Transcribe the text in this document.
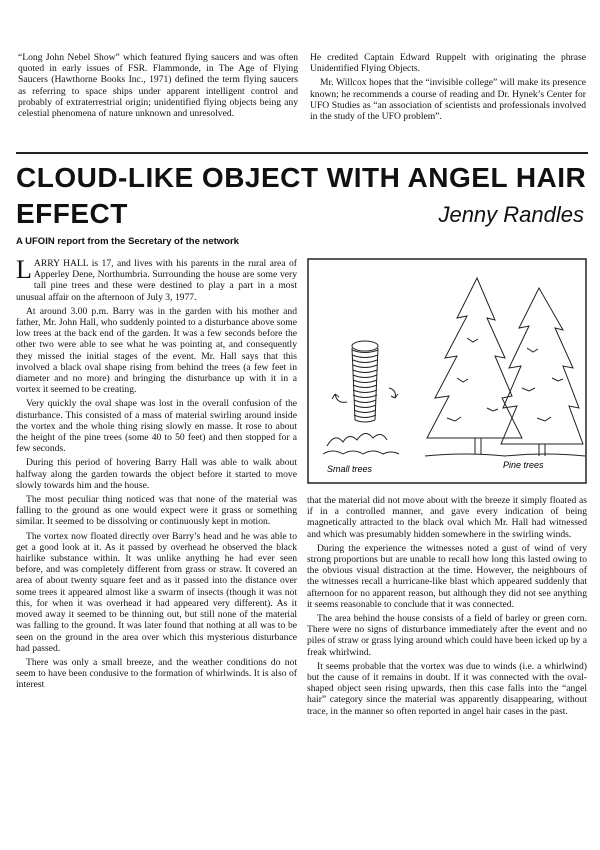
“Long John Nebel Show” which featured flying saucers and was often quoted in early issues of FSR. Flammonde, in The Age of Flying Saucers (Hawthorne Books Inc., 1971) defined the term flying saucers as referring to space ships under apparent intelligent control and probably of extraterrestrial origin; unidentified flying objects being any celestial phenomena of nature unknown and unresolved.

He credited Captain Edward Ruppelt with originating the phrase Unidentified Flying Objects.

Mr. Willcox hopes that the “invisible college” will make its presence known; he recommends a course of reading and Dr. Hynek’s Center for UFO Studies as “an association of scientists and professionals involved in the study of the UFO problem”.

CLOUD-LIKE OBJECT WITH ANGEL HAIR
EFFECT	Jenny Randles
A UFOIN report from the Secretary of the network

LARRY HALL is 17, and lives with his parents in the rural area of Apperley Dene, Northumbria. Surrounding the house are some very tall pine trees and these were destined to play a part in a most unusual affair on the afternoon of July 3, 1977.

At around 3.00 p.m. Barry was in the garden with his mother and father, Mr. John Hall, who suddenly pointed to a disturbance above some low trees at the back end of the garden. It was a few seconds before the other two were able to see what he was pointing at, and consequently they missed the initial stages of the event. Mr. Hall says that this involved a black oval shape rising from behind the trees (a few feet in diameter and no more) and bringing the disturbance up with it in a vortex it seemed to be creating.

Very quickly the oval shape was lost in the overall confusion of the disturbance. This consisted of a mass of material swirling around inside the vortex and the whole thing rising slowly en masse. It rose to about the height of the pine trees (some 40 to 50 feet) and then stopped for a few seconds.

During this period of hovering Barry Hall was able to walk about halfway along the garden towards the object before it started to move slowly towards him and the house.

The most peculiar thing noticed was that none of the material was falling to the ground as one would expect were it grass or something similar. It seemed to be dissolving or continuously kept in motion.

The vortex now floated directly over Barry’s head and he was able to get a good look at it. As it passed by overhead he observed the black hairlike substance within. It was unlike anything he had ever seen before, and was completely different from grass or straw. It covered an area of about twenty square feet and as it passed into the distance over some trees it appeared almost like a swarm of insects (though it was not this, for when it was overhead it had appeared very different). As it moved away it seemed to be thinning out, but still none of the material was falling to the ground. It was later found that nothing at all was to be seen on the ground in the area over which this mysterious disturbance had passed.

There was only a small breeze, and the weather conditions do not seem to have been condusive to the formation of whirlwinds. It is also of interest

Small trees	Pine trees

that the material did not move about with the breeze it simply floated as if in a controlled manner, and gave every indication of being magnetically attracted to the black oval which Mr. Hall had witnessed and which was presumably hidden somewhere in the swirling winds.

During the experience the witnesses noted a gust of wind of very strong proportions but are unable to recall how long this lasted owing to the obvious visual distraction at the time. However, the neighbours of the witnesses recall a hurricane-like blast which appeared suddenly that afternoon for no apparent reason, but although they did not see anything it seems reasonable to conclude that it was connected.

The area behind the house consists of a field of barley or green corn. There were no signs of disturbance immediately after the event and no piles of straw or grass lying around which could have been icked up by a freak whirlwind.

It seems probable that the vortex was due to winds (i.e. a whirlwind) but the cause of it remains in doubt. If it was connected with the oval-shaped object seen rising upwards, then this case falls into the “angel hair” category since the material was apparently disappearing, without trace, in the manner so often reported in angel hair cases in the past.
